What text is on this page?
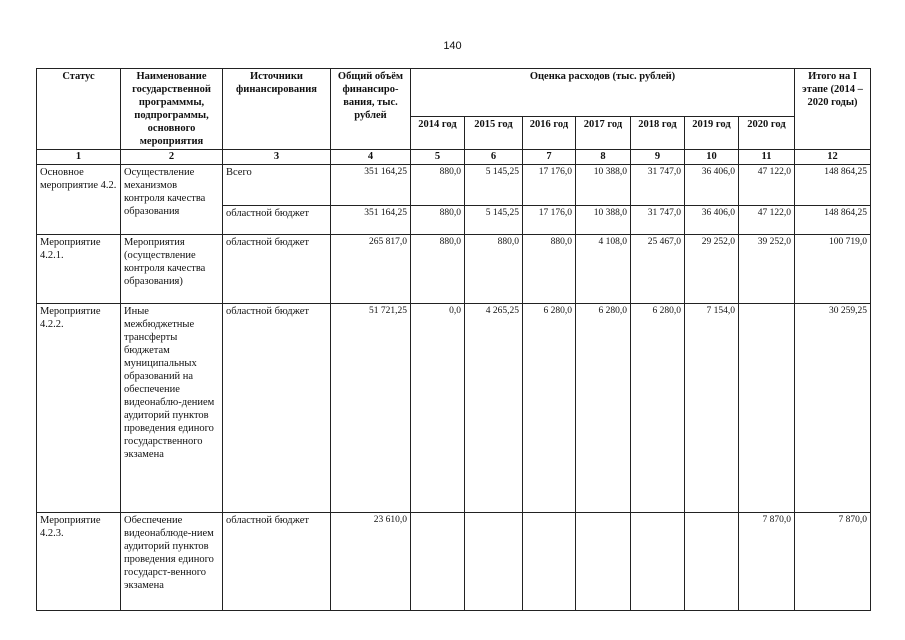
140
Статус	Наименование государственной программмы, подпрограммы, основного мероприятия	Источники финансирования	Общий объём финансиро-вания, тыс. рублей	Оценка расходов (тыс. рублей)							Итого на I этапе (2014 – 2020 годы)
				2014 год	2015 год	2016 год	2017 год	2018 год	2019 год	2020 год	
1	2	3	4	5	6	7	8	9	10	11	12
Основное мероприятие 4.2.	Осуществление механизмов контроля качества образования	Всего	351 164,25	880,0	5 145,25	17 176,0	10 388,0	31 747,0	36 406,0	47 122,0	148 864,25
		областной бюджет	351 164,25	880,0	5 145,25	17 176,0	10 388,0	31 747,0	36 406,0	47 122,0	148 864,25
Мероприятие 4.2.1.	Мероприятия (осуществление контроля качества образования)	областной бюджет	265 817,0	880,0	880,0	880,0	4 108,0	25 467,0	29 252,0	39 252,0	100 719,0
Мероприятие 4.2.2.	Иные межбюджетные трансферты бюджетам муниципальных образований на обеспечение видеонаблю-дением аудиторий пунктов проведения единого государственного экзамена	областной бюджет	51 721,25	0,0	4 265,25	6 280,0	6 280,0	6 280,0	7 154,0		30 259,25
Мероприятие 4.2.3.	Обеспечение видеонаблюде-нием аудиторий пунктов проведения единого государст-венного экзамена	областной бюджет	23 610,0							7 870,0	7 870,0
